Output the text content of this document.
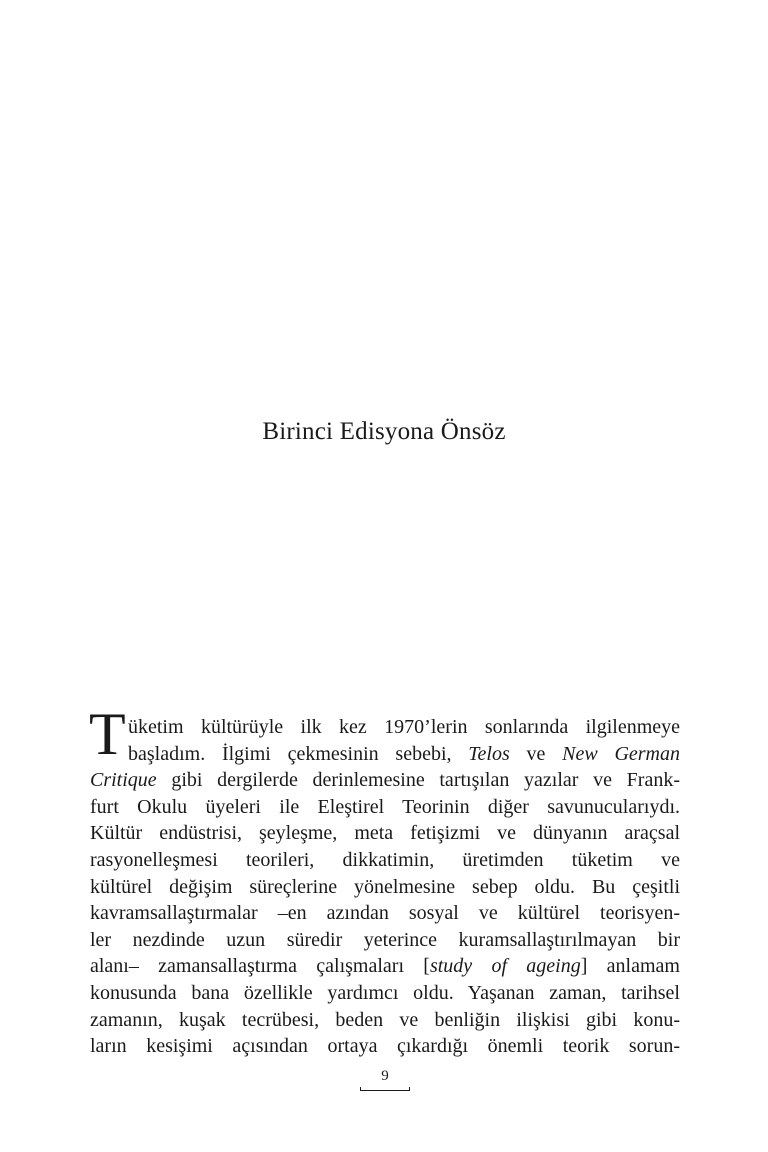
Birinci Edisyona Önsöz
T üketim kültürüyle ilk kez 1970’lerin sonlarında ilgilenmeye
başladım. İlgimi çekmesinin sebebi, Telos ve New German
Critique gibi dergilerde derinlemesine tartışılan yazılar ve Frank-
furt Okulu üyeleri ile Eleştirel Teorinin diğer savunucularıydı.
Kültür endüstrisi, şeyleşme, meta fetişizmi ve dünyanın araçsal
rasyonelleşmesi teorileri, dikkatimin, üretimden tüketim ve
kültürel değişim süreçlerine yönelmesine sebep oldu. Bu çeşitli
kavramsallaştırmalar –en azından sosyal ve kültürel teorisyen-
ler nezdinde uzun süredir yeterince kuramsallaştırılmayan bir
alanı– zamansallaştırma çalışmaları [study of ageing] anlamam
konusunda bana özellikle yardımcı oldu. Yaşanan zaman, tarihsel
zamanın, kuşak tecrübesi, beden ve benliğin ilişkisi gibi konu-
ların kesişimi açısından ortaya çıkardığı önemli teorik sorun-
9
